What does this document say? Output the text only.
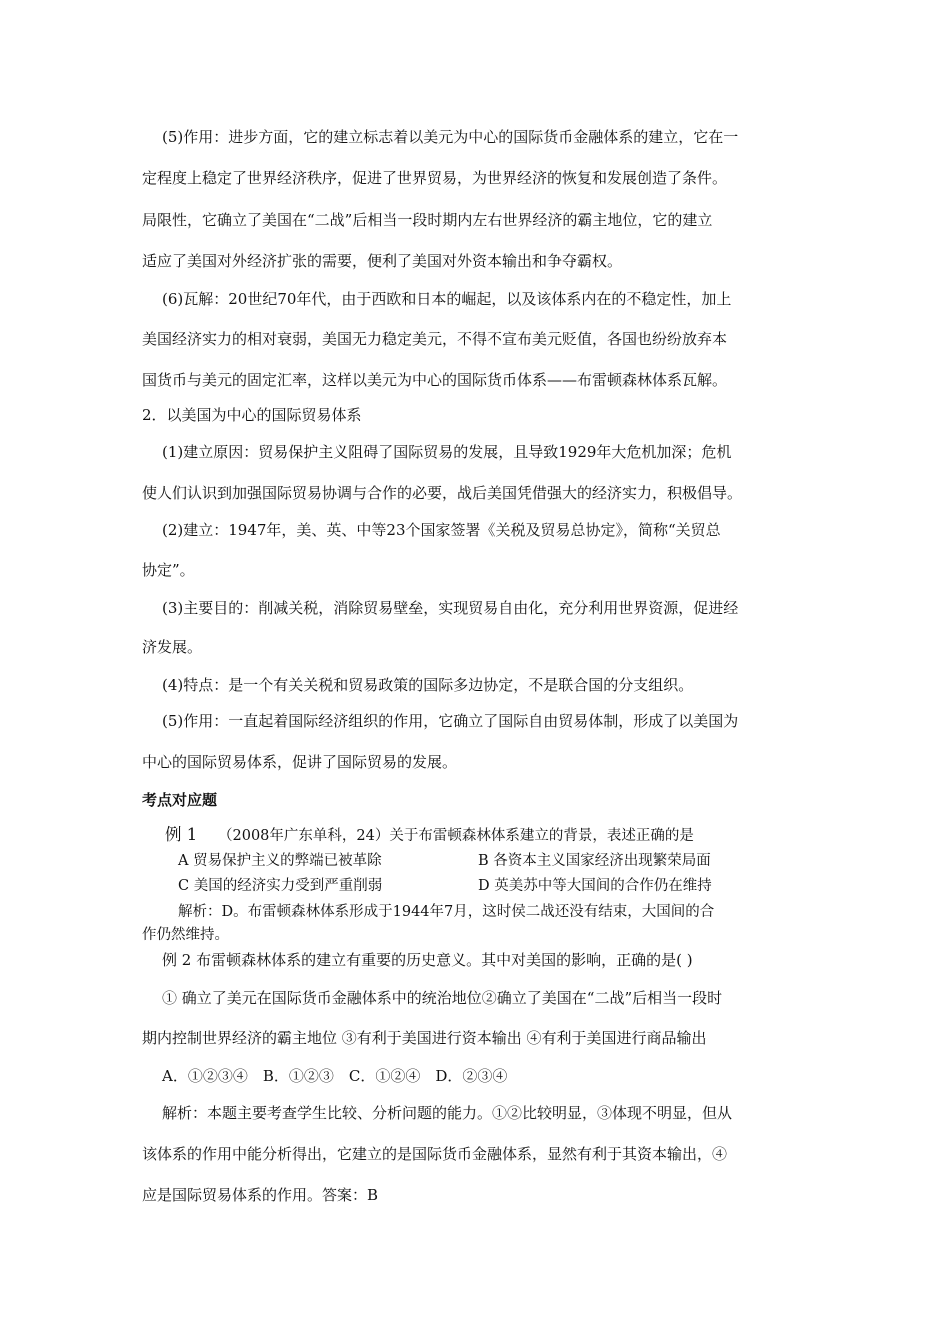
(5)作用：进步方面，它的建立标志着以美元为中心的国际货币金融体系的建立，它在一
定程度上稳定了世界经济秩序，促进了世界贸易，为世界经济的恢复和发展创造了条件。
局限性，它确立了美国在“二战”后相当一段时期内左右世界经济的霸主地位，它的建立
适应了美国对外经济扩张的需要，便利了美国对外资本输出和争夺霸权。
(6)瓦解：20世纪70年代，由于西欧和日本的崛起，以及该体系内在的不稳定性，加上
美国经济实力的相对衰弱，美国无力稳定美元，不得不宣布美元贬值，各国也纷纷放弃本
国货币与美元的固定汇率，这样以美元为中心的国际货币体系——布雷顿森林体系瓦解。
2．以美国为中心的国际贸易体系
(1)建立原因：贸易保护主义阻碍了国际贸易的发展，且导致1929年大危机加深；危机
使人们认识到加强国际贸易协调与合作的必要，战后美国凭借强大的经济实力，积极倡导。
(2)建立：1947年，美、英、中等23个国家签署《关税及贸易总协定》，简称“关贸总
协定”。
(3)主要目的：削减关税，消除贸易壁垒，实现贸易自由化，充分利用世界资源，促进经
济发展。
(4)特点：是一个有关关税和贸易政策的国际多边协定，不是联合国的分支组织。
(5)作用：一直起着国际经济组织的作用，它确立了国际自由贸易体制，形成了以美国为
中心的国际贸易体系，促讲了国际贸易的发展。
考点对应题
例 1 （2008年广东单科，24）关于布雷顿森林体系建立的背景，表述正确的是
A 贸易保护主义的弊端已被革除	B 各资本主义国家经济出现繁荣局面
C 美国的经济实力受到严重削弱	D 英美苏中等大国间的合作仍在维持
解析：D。布雷顿森林体系形成于1944年7月，这时侯二战还没有结束，大国间的合
作仍然维持。
例 2 布雷顿森林体系的建立有重要的历史意义。其中对美国的影响，正确的是( )
① 确立了美元在国际货币金融体系中的统治地位②确立了美国在“二战”后相当一段时
期内控制世界经济的霸主地位 ③有利于美国进行资本输出 ④有利于美国进行商品输出
A．①②③④　B．①②③　C．①②④　D．②③④
解析：本题主要考查学生比较、分析问题的能力。①②比较明显，③体现不明显，但从
该体系的作用中能分析得出，它建立的是国际货币金融体系，显然有利于其资本输出，④
应是国际贸易体系的作用。答案：B
